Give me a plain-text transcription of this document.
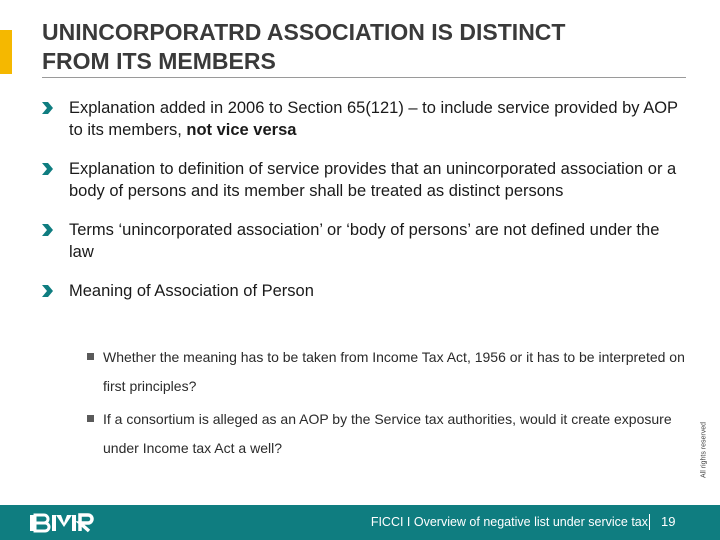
UNINCORPORATRD ASSOCIATION IS DISTINCT
FROM ITS MEMBERS
Explanation added in 2006 to Section 65(121) – to include service provided by AOP to its members, not vice versa
Explanation to definition of service provides that an unincorporated association or a body of persons and its member shall be treated as distinct persons
Terms ‘unincorporated association’ or ‘body of persons’ are not defined under the law
Meaning of Association of Person
Whether the meaning has to be taken from Income Tax Act, 1956 or it has to be interpreted on first principles?
If a consortium is alleged as an AOP by the Service tax authorities, would it create exposure under Income tax Act a well?	All rights reserved
FICCI I Overview of negative list under service tax 19
